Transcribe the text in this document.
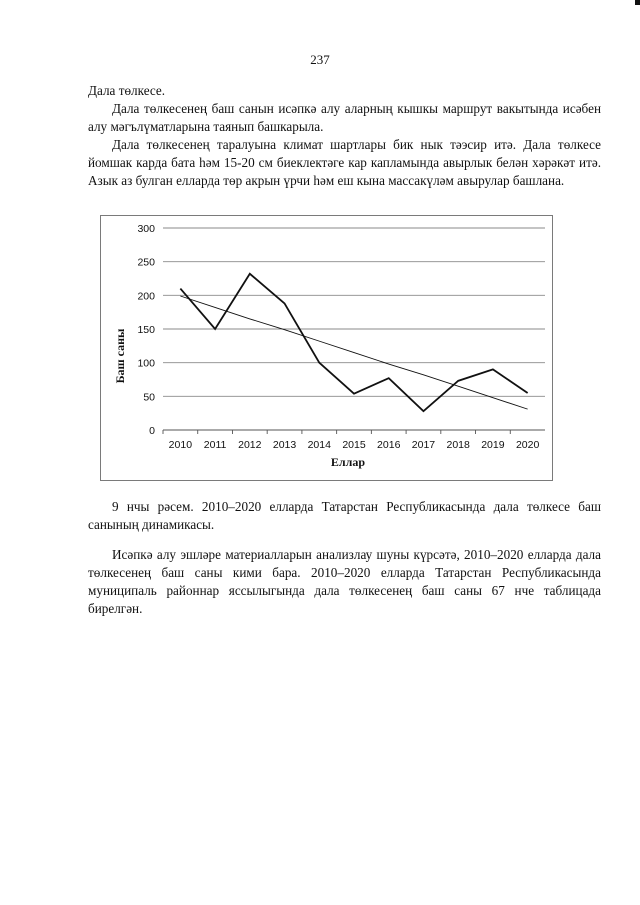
237

Дала төлкесе.

Дала төлкесенең баш санын исәпкә алу аларның кышкы маршрут вакытында исәбен алу мәгълүматларына таянып башкарыла.

Дала төлкесенең таралуына климат шартлары бик нык тәэсир итә. Дала төлкесе йомшак карда бата һәм 15-20 см биеклектәге кар капламында авырлык белән хәрәкәт итә. Азык аз булган елларда төр акрын үрчи һәм еш кына массакүләм авырулар башлана.

0
50
100
150
200
250
300
2010 2011 2012 2013 2014 2015 2016 2017 2018 2019 2020
Еллар
Баш саны

9 нчы рәсем. 2010–2020 елларда Татарстан Республикасында дала төлкесе баш санының динамикасы.

Исәпкә алу эшләре материалларын анализлау шуны күрсәтә, 2010–2020 елларда дала төлкесенең баш саны кими бара. 2010–2020 елларда Татарстан Республикасында муниципаль районнар яссылыгында дала төлкесенең баш саны 67 нче таблицада бирелгән.
